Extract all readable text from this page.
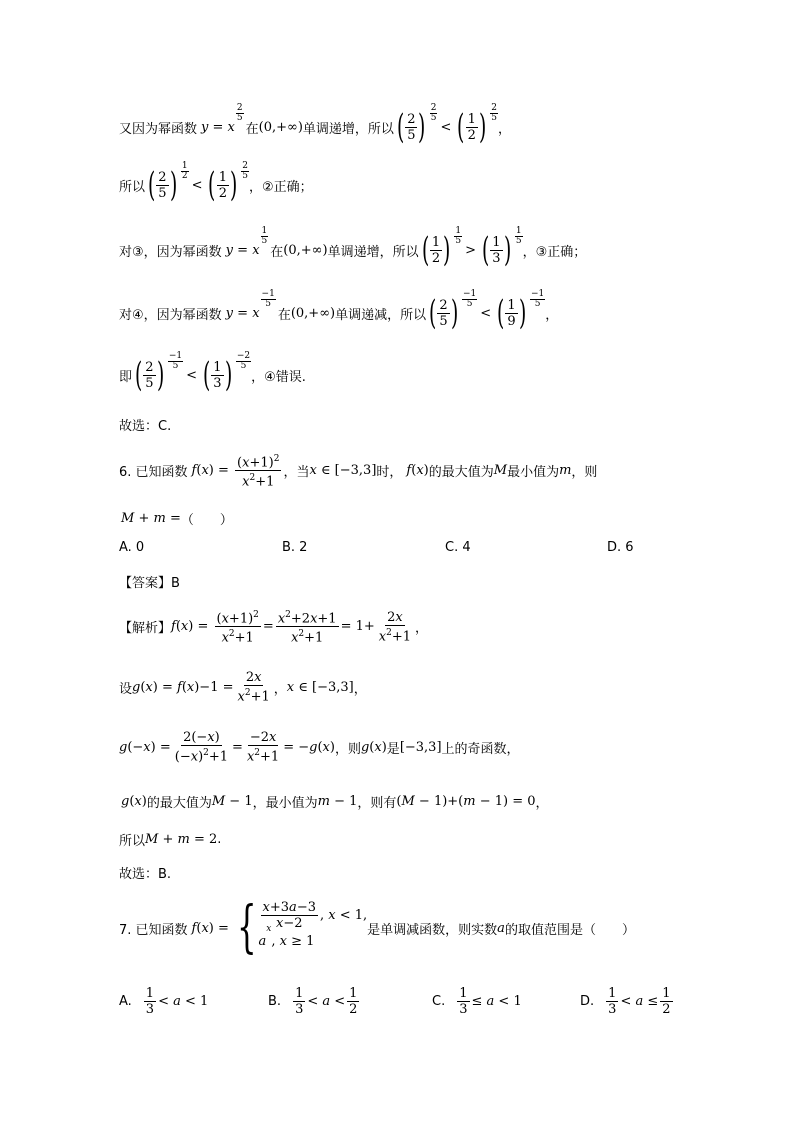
又因为幂函数 y = x
2
5
在 (0,+∞) 单调递增，所以 ( 2
5 ) 2
5
< ( 1
2 ) 2
5
，
所以 ( 2
5 ) 1
2
< ( 1
2 ) 2
5
，②正确；
对③，因为幂函数 y = x
1
5
在 (0,+∞) 单调递增，所以 ( 1
2 ) 1
5
> ( 1
3 ) 1
5
，③正确；
对④，因为幂函数 y = x
−1
5
在 (0,+∞) 单调递减，所以 ( 2
5 ) −1
5
< ( 1
9 ) −1
5
，
即 ( 2
5 ) −1
5
< ( 1
3 ) −2
5
，④错误.
故选：C.
6. 已知函数 f ( x ) = $\frac{(x+1)^2}{x^2+1}$ ，当 x ∈ [−3,3] 时， f ( x ) 的最大值为 M 最小值为 m ，则
M + m = （　　）
A. 0	B. 2	C. 4	D. 6
【答案】B
【解析】 f ( x ) = $\frac{(x+1)^2}{x^2+1} = \frac{x^2+2x+1}{x^2+1} = 1+ \frac{2x}{x^2+1}$ ，
设 g ( x ) = f ( x )$-1 = \frac{2x}{x^2+1}$ ， x ∈ [−3,3] ，
g (− x ) = $\frac{2(-x)}{(-x)^2+1} = \frac{-2x}{x^2+1}$ = − g ( x ) ，则 g ( x ) 是 [−3,3] 上的奇函数，
g ( x ) 的最大值为 M − 1 ，最小值为 m − 1 ，则有 ( M − 1)+( m − 1) = 0 ，
所以 M + m = 2 .
故选：B.
7. 已知函数 f ( x ) = { x+3a−3
x−2
, x < 1,
a
x
, x ≥ 1
是单调减函数，则实数 a 的取值范围是（　　）
A.
1
3
< a < 1	B.
1
3
< a <
1
2
C. $\frac{1}{3} \le a < 1$	D.
1
3
< $a \le \frac{1}{2}$
